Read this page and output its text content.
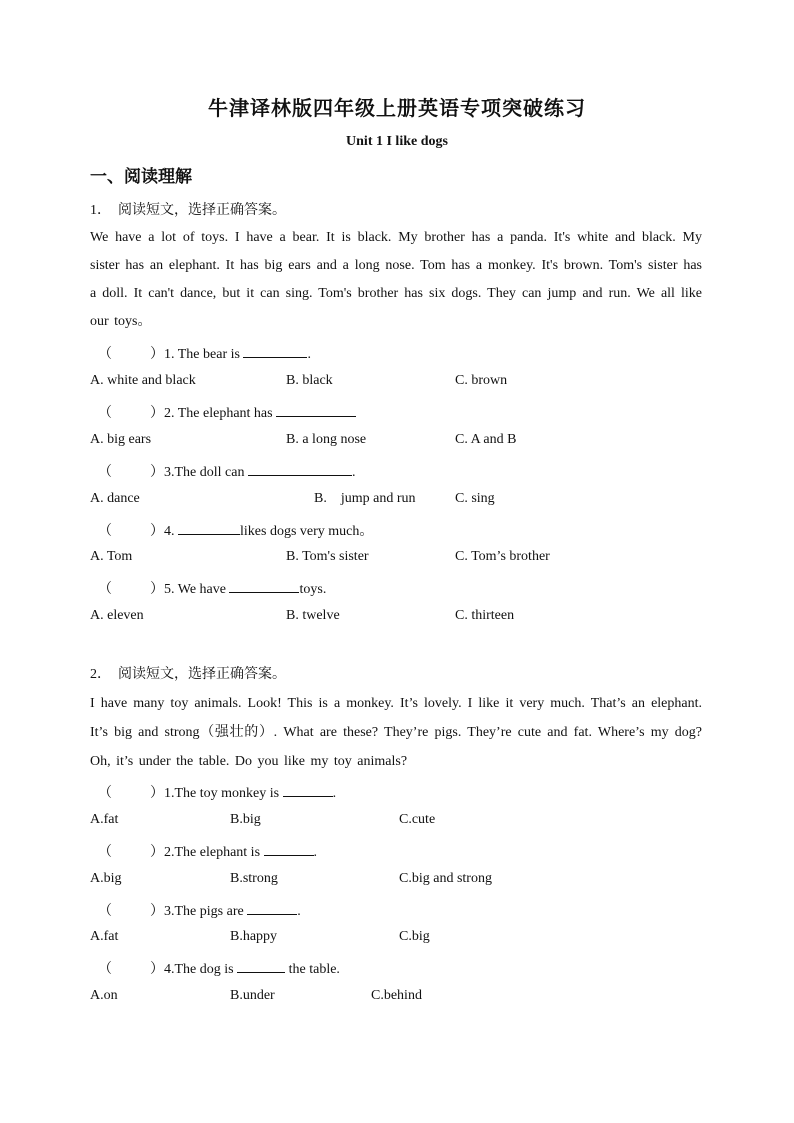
牛津译林版四年级上册英语专项突破练习
Unit 1 I like dogs
一、阅读理解
1． 阅读短文，选择正确答案。
We have a lot of toys. I have a bear. It is black. My brother has a panda. It's white and black. My sister has an elephant. It has big ears and a long nose. Tom has a monkey. It's brown. Tom's sister has a doll. It can't dance, but it can sing. Tom's brother has six dogs. They can jump and run. We all like our toys。
（	）1. The bear is	.
A. white and black	B. black	C. brown
（	）2. The elephant has
A. big ears	B. a long nose	C. A and B
（	）3.The doll can	.
A. dance	B.    jump and run	C. sing
（	）4.	likes dogs very much。
A. Tom	B. Tom's sister	C. Tom’s brother
（	）5. We have	toys.
A. eleven	B. twelve	C. thirteen
2． 阅读短文，选择正确答案。
I have many toy animals. Look! This is a monkey. It’s lovely. I like it very much. That’s an elephant. It’s big and strong（强壮的）. What are these? They’re pigs. They’re cute and fat. Where’s my dog? Oh, it’s under the table. Do you like my toy animals?
（	）1.The toy monkey is	.
A.fat	B.big	C.cute
（	）2.The elephant is	.
A.big	B.strong	C.big and strong
（	）3.The pigs are	.
A.fat	B.happy	C.big
（	）4.The dog is	the table.
A.on	B.under	C.behind
